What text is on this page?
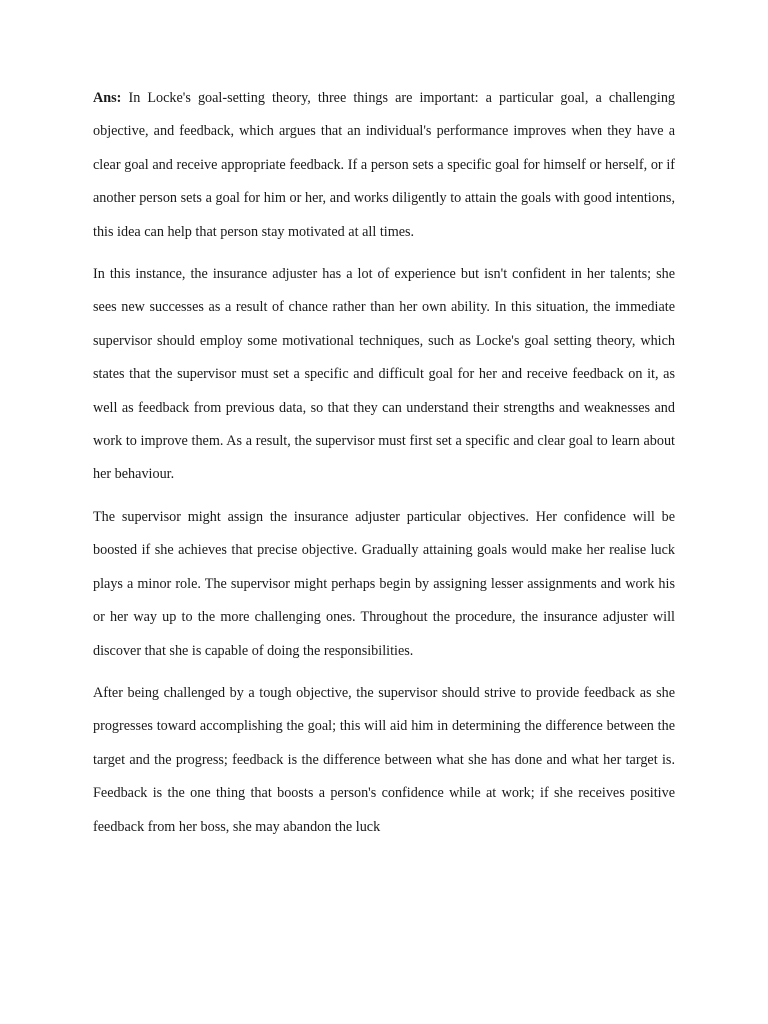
Ans: In Locke's goal-setting theory, three things are important: a particular goal, a challenging objective, and feedback, which argues that an individual's performance improves when they have a clear goal and receive appropriate feedback. If a person sets a specific goal for himself or herself, or if another person sets a goal for him or her, and works diligently to attain the goals with good intentions, this idea can help that person stay motivated at all times.

In this instance, the insurance adjuster has a lot of experience but isn't confident in her talents; she sees new successes as a result of chance rather than her own ability. In this situation, the immediate supervisor should employ some motivational techniques, such as Locke's goal setting theory, which states that the supervisor must set a specific and difficult goal for her and receive feedback on it, as well as feedback from previous data, so that they can understand their strengths and weaknesses and work to improve them. As a result, the supervisor must first set a specific and clear goal to learn about her behaviour.

The supervisor might assign the insurance adjuster particular objectives. Her confidence will be boosted if she achieves that precise objective. Gradually attaining goals would make her realise luck plays a minor role. The supervisor might perhaps begin by assigning lesser assignments and work his or her way up to the more challenging ones. Throughout the procedure, the insurance adjuster will discover that she is capable of doing the responsibilities.

After being challenged by a tough objective, the supervisor should strive to provide feedback as she progresses toward accomplishing the goal; this will aid him in determining the difference between the target and the progress; feedback is the difference between what she has done and what her target is. Feedback is the one thing that boosts a person's confidence while at work; if she receives positive feedback from her boss, she may abandon the luck
